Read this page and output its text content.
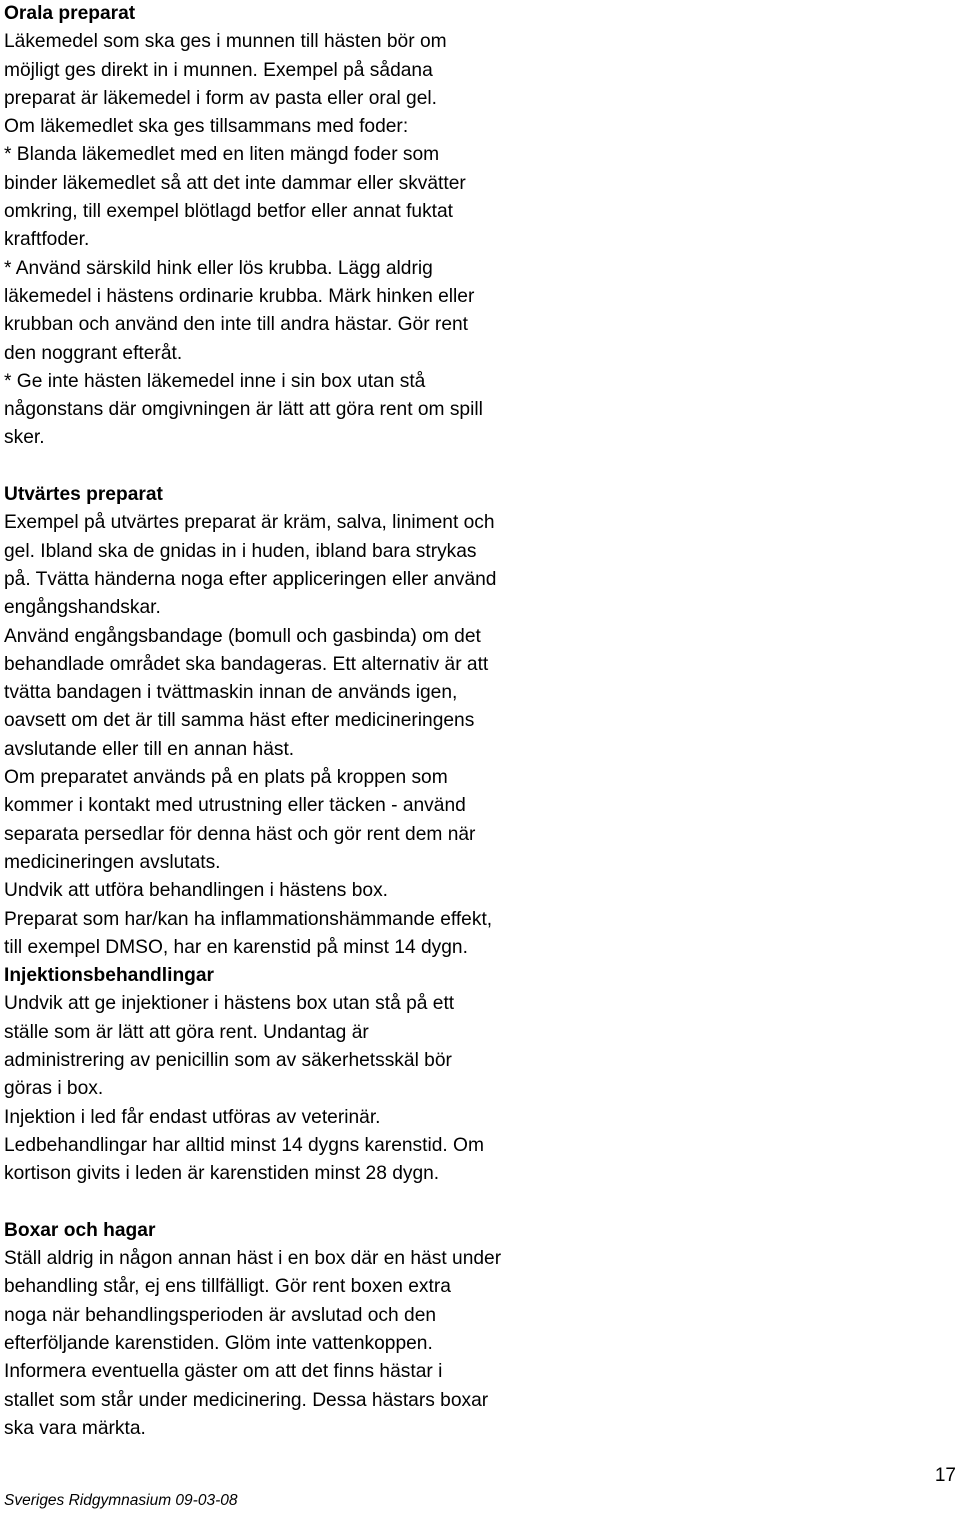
Orala preparat
Läkemedel som ska ges i munnen till hästen bör om
möjligt ges direkt in i munnen. Exempel på sådana
preparat är läkemedel i form av pasta eller oral gel.
Om läkemedlet ska ges tillsammans med foder:
* Blanda läkemedlet med en liten mängd foder som
binder läkemedlet så att det inte dammar eller skvätter
omkring, till exempel blötlagd betfor eller annat fuktat
kraftfoder.
* Använd särskild hink eller lös krubba. Lägg aldrig
läkemedel i hästens ordinarie krubba. Märk hinken eller
krubban och använd den inte till andra hästar. Gör rent
den noggrant efteråt.
* Ge inte hästen läkemedel inne i sin box utan stå
någonstans där omgivningen är lätt att göra rent om spill
sker.
Utvärtes preparat
Exempel på utvärtes preparat är kräm, salva, liniment och
gel. Ibland ska de gnidas in i huden, ibland bara strykas
på. Tvätta händerna noga efter appliceringen eller använd
engångshandskar.
Använd engångsbandage (bomull och gasbinda) om det
behandlade området ska bandageras. Ett alternativ är att
tvätta bandagen i tvättmaskin innan de används igen,
oavsett om det är till samma häst efter medicineringens
avslutande eller till en annan häst.
Om preparatet används på en plats på kroppen som
kommer i kontakt med utrustning eller täcken - använd
separata persedlar för denna häst och gör rent dem när
medicineringen avslutats.
Undvik att utföra behandlingen i hästens box.
Preparat som har/kan ha inflammationshämmande effekt,
till exempel DMSO, har en karenstid på minst 14 dygn.
Injektionsbehandlingar
Undvik att ge injektioner i hästens box utan stå på ett
ställe som är lätt att göra rent. Undantag är
administrering av penicillin som av säkerhetsskäl bör
göras i box.
Injektion i led får endast utföras av veterinär.
Ledbehandlingar har alltid minst 14 dygns karenstid. Om
kortison givits i leden är karenstiden minst 28 dygn.
Boxar och hagar
Ställ aldrig in någon annan häst i en box där en häst under
behandling står, ej ens tillfälligt. Gör rent boxen extra
noga när behandlingsperioden är avslutad och den
efterföljande karenstiden. Glöm inte vattenkoppen.
Informera eventuella gäster om att det finns hästar i
stallet som står under medicinering. Dessa hästars boxar
ska vara märkta.
17
Sveriges Ridgymnasium 09-03-08
